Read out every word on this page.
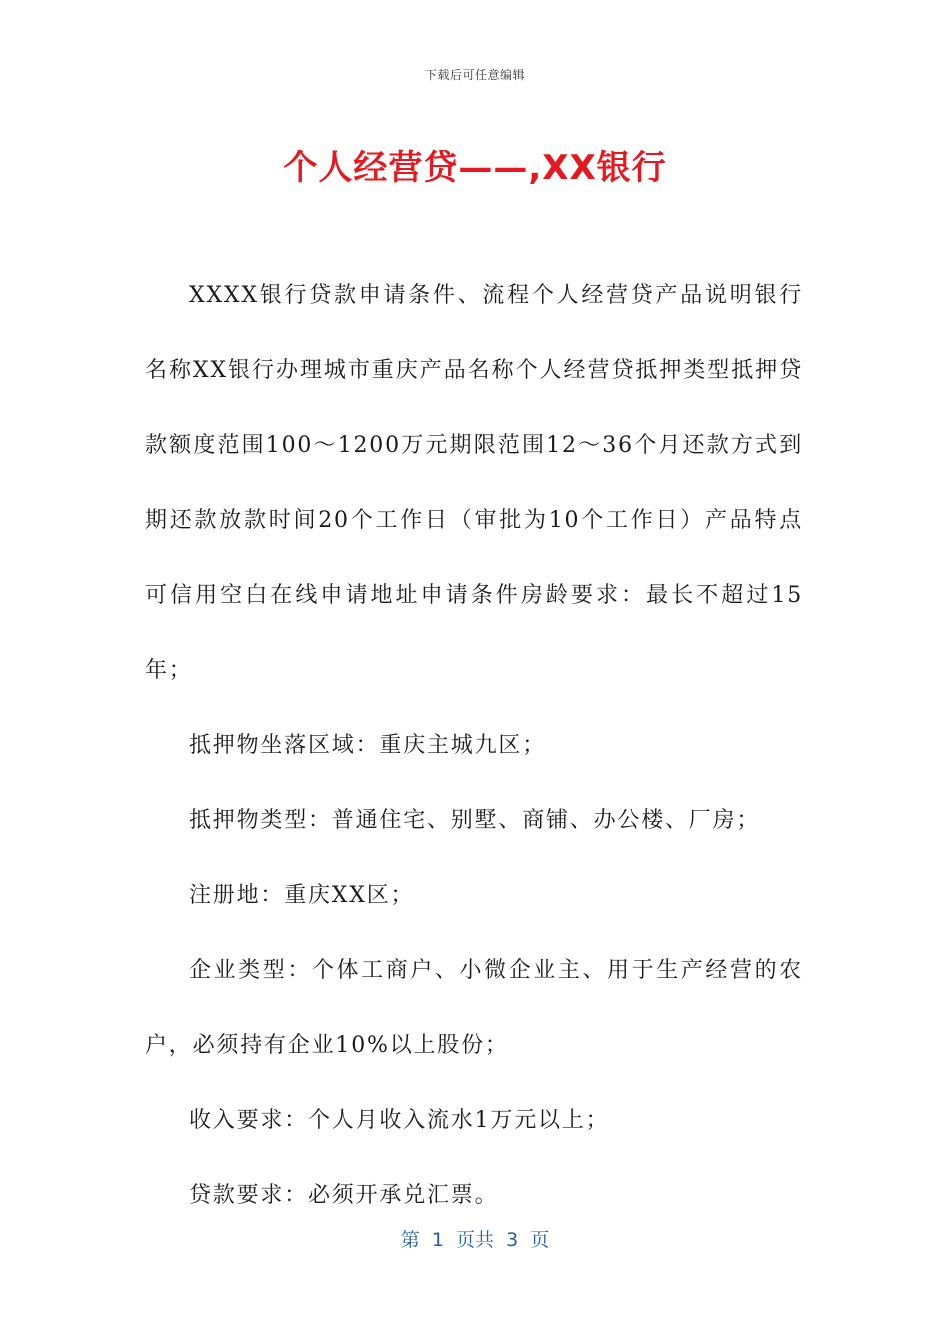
下载后可任意编辑
个人经营贷——,XX银行

XXXX银行贷款申请条件、流程个人经营贷产品说明银行名称XX银行办理城市重庆产品名称个人经营贷抵押类型抵押贷款额度范围100～1200万元期限范围12～36个月还款方式到期还款放款时间20个工作日（审批为10个工作日）产品特点可信用空白在线申请地址申请条件房龄要求：最长不超过15年；

抵押物坐落区域：重庆主城九区；

抵押物类型：普通住宅、别墅、商铺、办公楼、厂房；

注册地：重庆XX区；

企业类型：个体工商户、小微企业主、用于生产经营的农户，必须持有企业10%以上股份；

收入要求：个人月收入流水1万元以上；

贷款要求：必须开承兑汇票。

第  1  页共  3  页
